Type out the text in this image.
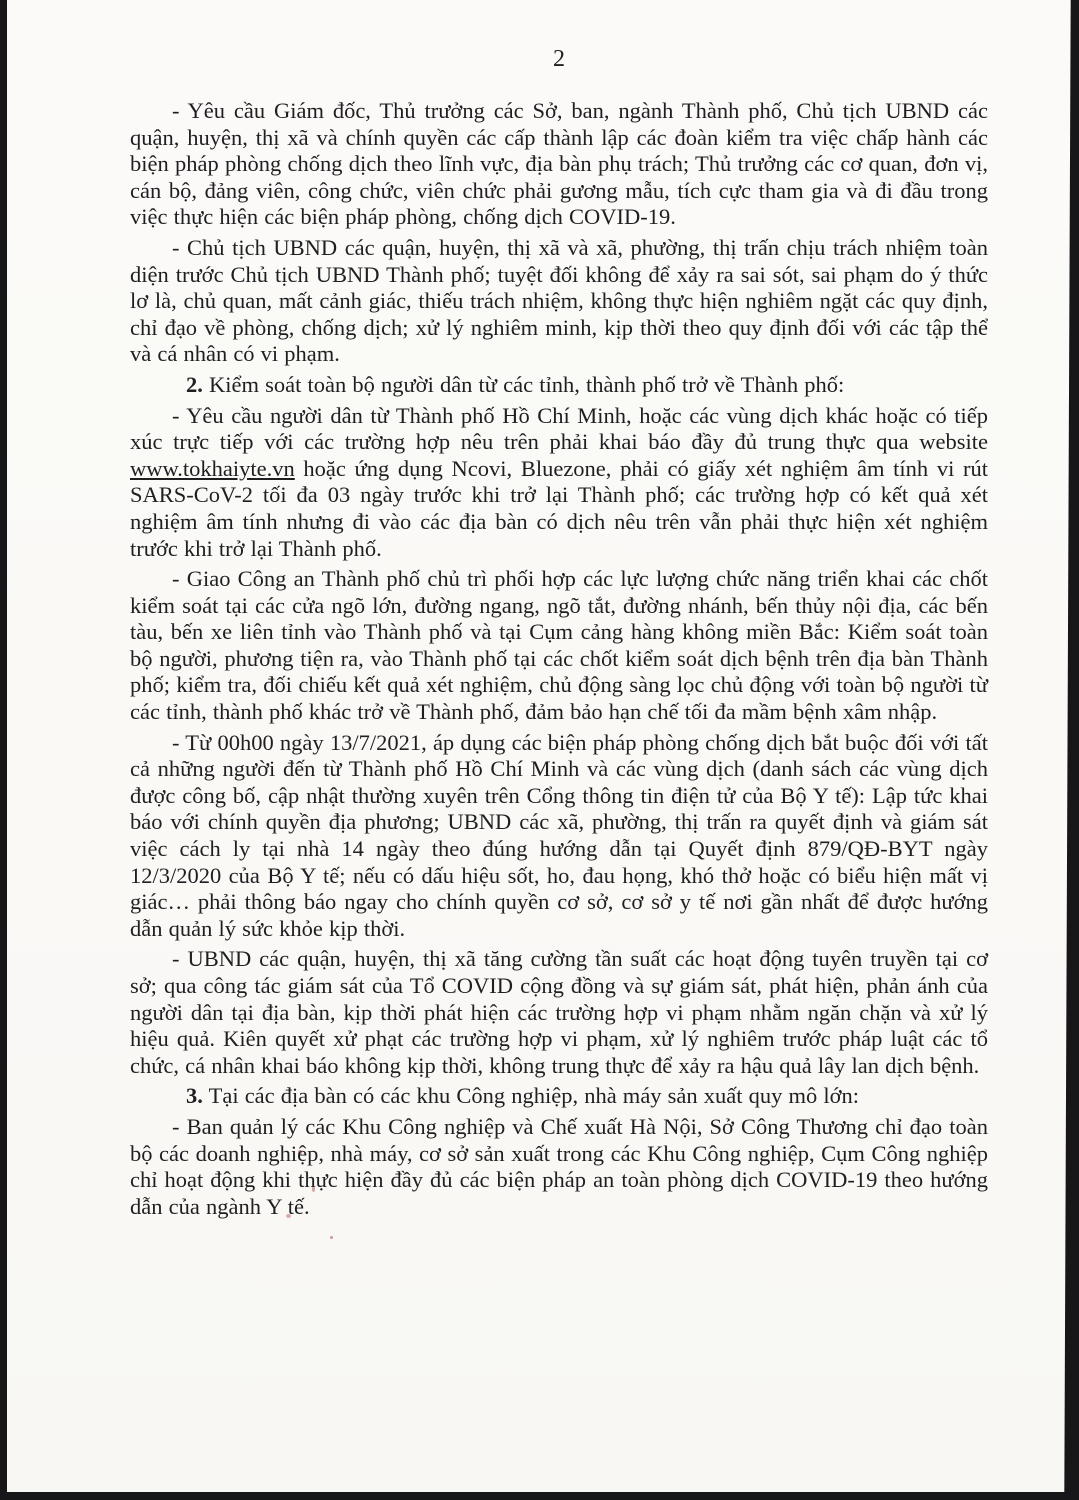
2

- Yêu cầu Giám đốc, Thủ trưởng các Sở, ban, ngành Thành phố, Chủ tịch UBND các quận, huyện, thị xã và chính quyền các cấp thành lập các đoàn kiểm tra việc chấp hành các biện pháp phòng chống dịch theo lĩnh vực, địa bàn phụ trách; Thủ trưởng các cơ quan, đơn vị, cán bộ, đảng viên, công chức, viên chức phải gương mẫu, tích cực tham gia và đi đầu trong việc thực hiện các biện pháp phòng, chống dịch COVID-19.

- Chủ tịch UBND các quận, huyện, thị xã và xã, phường, thị trấn chịu trách nhiệm toàn diện trước Chủ tịch UBND Thành phố; tuyệt đối không để xảy ra sai sót, sai phạm do ý thức lơ là, chủ quan, mất cảnh giác, thiếu trách nhiệm, không thực hiện nghiêm ngặt các quy định, chỉ đạo về phòng, chống dịch; xử lý nghiêm minh, kịp thời theo quy định đối với các tập thể và cá nhân có vi phạm.

2. Kiểm soát toàn bộ người dân từ các tỉnh, thành phố trở về Thành phố:

- Yêu cầu người dân từ Thành phố Hồ Chí Minh, hoặc các vùng dịch khác hoặc có tiếp xúc trực tiếp với các trường hợp nêu trên phải khai báo đầy đủ trung thực qua website www.tokhaiyte.vn hoặc ứng dụng Ncovi, Bluezone, phải có giấy xét nghiệm âm tính vi rút SARS-CoV-2 tối đa 03 ngày trước khi trở lại Thành phố; các trường hợp có kết quả xét nghiệm âm tính nhưng đi vào các địa bàn có dịch nêu trên vẫn phải thực hiện xét nghiệm trước khi trở lại Thành phố.

- Giao Công an Thành phố chủ trì phối hợp các lực lượng chức năng triển khai các chốt kiểm soát tại các cửa ngõ lớn, đường ngang, ngõ tắt, đường nhánh, bến thủy nội địa, các bến tàu, bến xe liên tỉnh vào Thành phố và tại Cụm cảng hàng không miền Bắc: Kiểm soát toàn bộ người, phương tiện ra, vào Thành phố tại các chốt kiểm soát dịch bệnh trên địa bàn Thành phố; kiểm tra, đối chiếu kết quả xét nghiệm, chủ động sàng lọc chủ động với toàn bộ người từ các tỉnh, thành phố khác trở về Thành phố, đảm bảo hạn chế tối đa mầm bệnh xâm nhập.

- Từ 00h00 ngày 13/7/2021, áp dụng các biện pháp phòng chống dịch bắt buộc đối với tất cả những người đến từ Thành phố Hồ Chí Minh và các vùng dịch (danh sách các vùng dịch được công bố, cập nhật thường xuyên trên Cổng thông tin điện tử của Bộ Y tế): Lập tức khai báo với chính quyền địa phương; UBND các xã, phường, thị trấn ra quyết định và giám sát việc cách ly tại nhà 14 ngày theo đúng hướng dẫn tại Quyết định 879/QĐ-BYT ngày 12/3/2020 của Bộ Y tế; nếu có dấu hiệu sốt, ho, đau họng, khó thở hoặc có biểu hiện mất vị giác… phải thông báo ngay cho chính quyền cơ sở, cơ sở y tế nơi gần nhất để được hướng dẫn quản lý sức khỏe kịp thời.

- UBND các quận, huyện, thị xã tăng cường tần suất các hoạt động tuyên truyền tại cơ sở; qua công tác giám sát của Tổ COVID cộng đồng và sự giám sát, phát hiện, phản ánh của người dân tại địa bàn, kịp thời phát hiện các trường hợp vi phạm nhằm ngăn chặn và xử lý hiệu quả. Kiên quyết xử phạt các trường hợp vi phạm, xử lý nghiêm trước pháp luật các tổ chức, cá nhân khai báo không kịp thời, không trung thực để xảy ra hậu quả lây lan dịch bệnh.

3. Tại các địa bàn có các khu Công nghiệp, nhà máy sản xuất quy mô lớn:

- Ban quản lý các Khu Công nghiệp và Chế xuất Hà Nội, Sở Công Thương chỉ đạo toàn bộ các doanh nghiệp, nhà máy, cơ sở sản xuất trong các Khu Công nghiệp, Cụm Công nghiệp chỉ hoạt động khi thực hiện đầy đủ các biện pháp an toàn phòng dịch COVID-19 theo hướng dẫn của ngành Y tế.
